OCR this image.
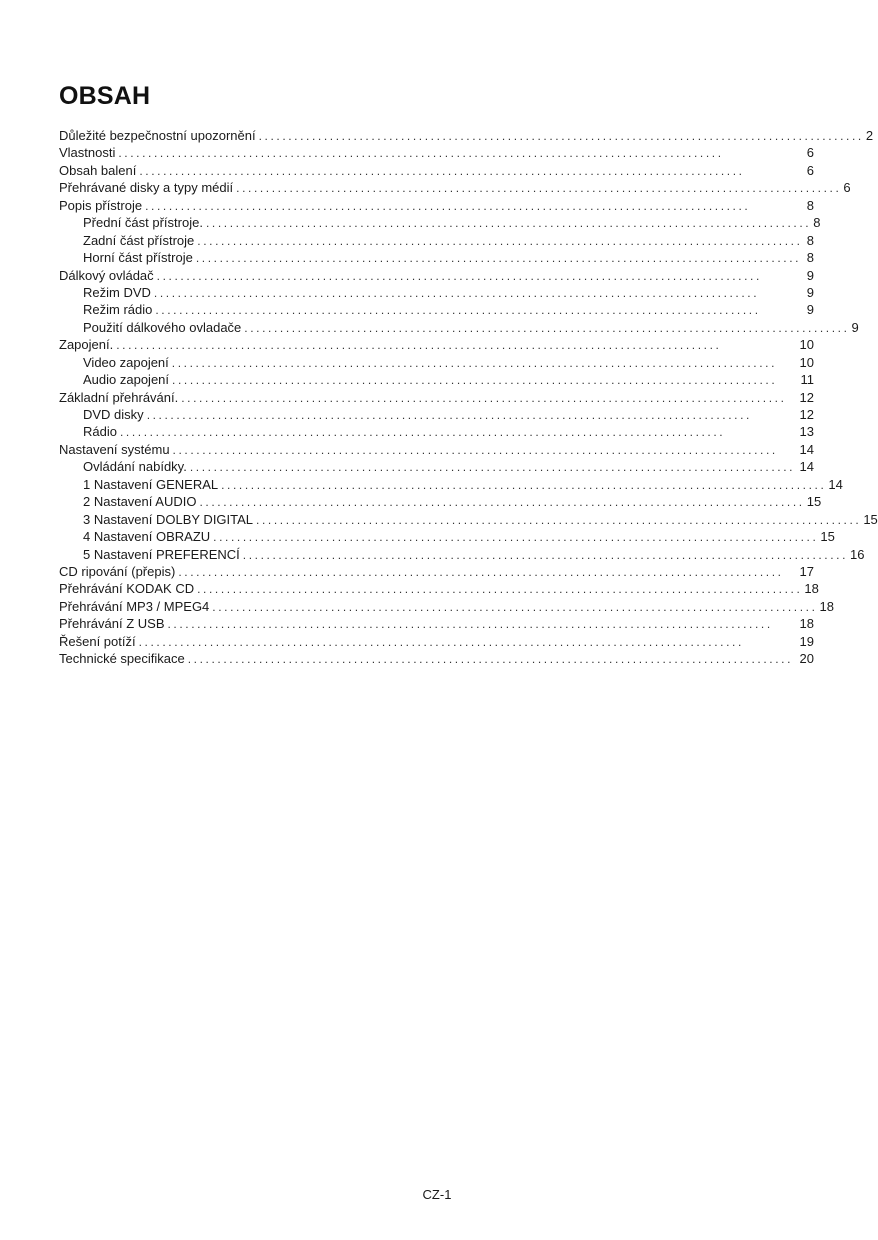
OBSAH
Důležité bezpečnostní upozornění ...................................................................................................... 2
Vlastnosti ......................................................................................................	6
Obsah balení ......................................................................................................	6
Přehrávané disky a typy médií ...................................................................................................... 6
Popis přístroje ......................................................................................................	8
Přední část přístroje. ...................................................................................................... 8
Zadní část přístroje ...................................................................................................... 8
Horní část přístroje ...................................................................................................... 8
Dálkový ovládač ......................................................................................................	9
Režim DVD ......................................................................................................	9
Režim rádio ......................................................................................................	9
Použití dálkového ovladače ...................................................................................................... 9
Zapojení. ......................................................................................................	10
Video zapojení ......................................................................................................	10
Audio zapojení ......................................................................................................	11
Základní přehrávání. ......................................................................................................	12
DVD disky ......................................................................................................	12
Rádio ......................................................................................................	13
Nastavení systému ......................................................................................................	14
Ovládání nabídky. ...................................................................................................... 14
1 Nastavení GENERAL ...................................................................................................... 14
2 Nastavení AUDIO ...................................................................................................... 15
3 Nastavení DOLBY DIGITAL ...................................................................................................... 15
4 Nastavení OBRAZU ...................................................................................................... 15
5 Nastavení PREFERENCÍ ...................................................................................................... 16
CD ripování (přepis) ......................................................................................................	17
Přehrávání KODAK CD ...................................................................................................... 18
Přehrávání MP3 / MPEG4 ...................................................................................................... 18
Přehrávání Z USB ......................................................................................................	18
Řešení potíží ......................................................................................................	19
Technické specifikace ...................................................................................................... 20
CZ-1
